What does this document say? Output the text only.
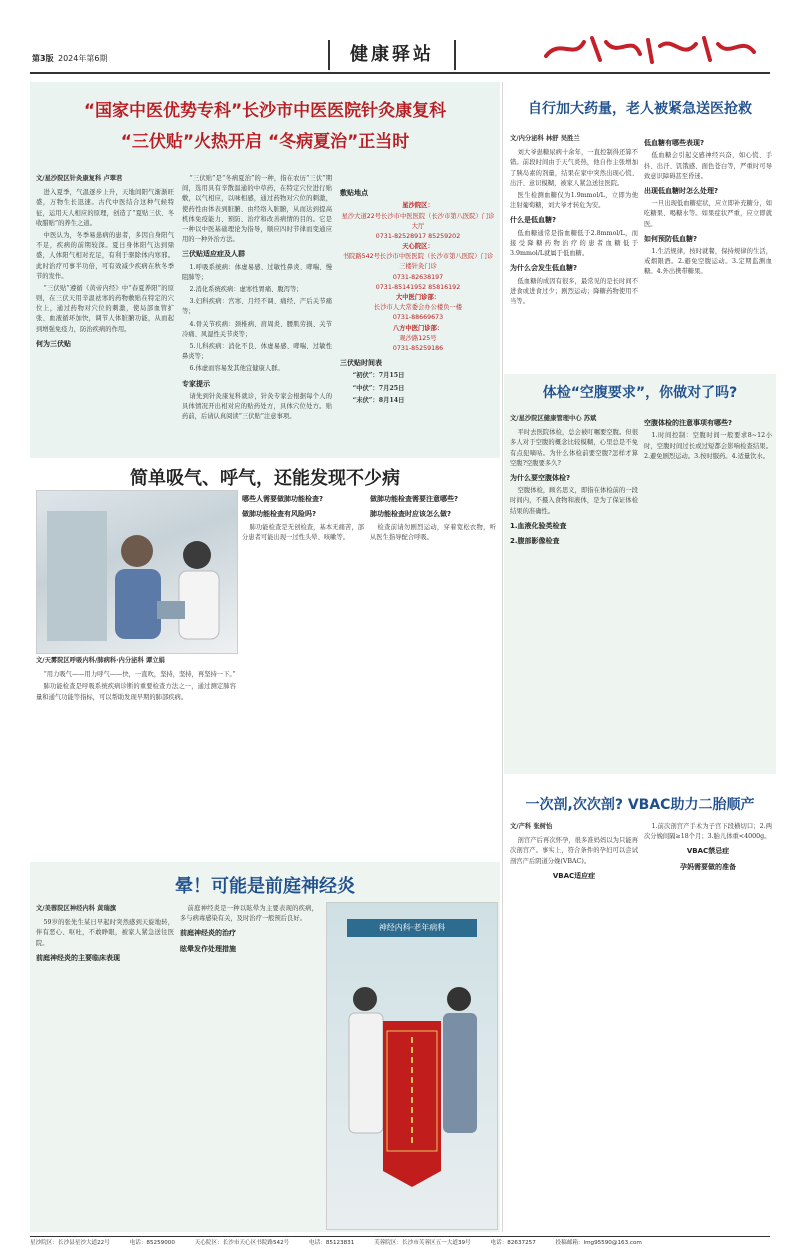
第3版 2024年第6期	健康驿站
“国家中医优势专科”长沙市中医医院针灸康复科
“三伏贴”火热开启 “冬病夏治”正当时

文/星沙院区针灸康复科 卢翠君

进入夏季，气温逐步上升，天地间阳气渐渐旺盛，万物生长迅速。古代中医结合这种气候特征，运用天人相应的原理，创造了“夏贴三伏、冬收腊贴”的养生之道。

中医认为，冬季易患病的患者，多因自身阳气不足，疾病的前期较深。夏日身体阳气达到鼎盛，人体阳气相对充足，有利于驱除体内寒邪。此时治疗可事半功倍，可有效减少疾病在秋冬季节的发作。

“三伏贴”遵循《黄帝内经》中“春夏养阳”的原则，在三伏天用辛温祛寒的药物敷贴在特定的穴位上，通过药物对穴位的刺激，使局部血管扩张、血液循环加快，调节人体脏腑功能，从而起到增强免疫力，防治疾病的作用。

何为三伏贴

“三伏贴”是“冬病夏治”的一种，指在农历“三伏”期间，选用具有辛散温通的中草药，在特定穴位进行贴敷，以气相应，以味相感，通过药物对穴位的刺激，使药性由体表到脏腑、由经络入脏腑，从而达到提高机体免疫能力、预防、治疗和改善病情的目的。它是一种以中医基础理论为指导，顺应四时节律而变通应用的一种外治方法。

三伏贴适应症及人群

1.呼吸系统病：体虚易感、过敏性鼻炎、哮喘、慢阻肺等；

2.消化系统疾病：虚寒性胃痛、腹泻等；

3.妇科疾病：宫寒、月经不调、痛经、产后关节痛等；

4.骨关节疾病：颈椎病、肩周炎、腰肌劳损、关节冷痛、风湿性关节炎等；

5.儿科疾病：消化不良、体虚易感、哮喘、过敏性鼻炎等；

6.体虚而容易发其他宜健康人群。

专家提示

请先到针灸康复科就诊，针灸专家会根据每个人的具体情况开出相对应的贴药处方，具体穴位处方。贴药前，后请认真阅读“三伏贴”注意事项。

敷贴地点

星沙院区：

星沙大道22号长沙市中医医院（长沙市第八医院）门诊大厅

0731-82528917 85259202

天心院区：

书院路542号长沙市中医医院（长沙市第八医院）门诊三楼针灸门诊

0731-82638197

0731-85141952 85816192

大中医门诊部：

长沙市人大常委会办公楼负一楼

0731-88669673

八方中医门诊部：

观沙路125号

0731-85259186

三伏贴时间表

“初伏”：7月15日

“中伏”：7月25日

“末伏”：8月14日

自行加大药量，老人被紧急送医抢救

文/内分泌科 林舒 吴胜兰

刘大爷患糖尿病十余年，一直控制得还算不错。前段时间由于天气炎热，他自作主张增加了胰岛素的剂量，结果在家中突然出现心慌、出汗、意识模糊，被家人紧急送往医院。

医生检测血糖仅为1.9mmol/L，立即为他注射葡萄糖，刘大爷才转危为安。

什么是低血糖?

低血糖通常是指血糖低于2.8mmol/L，而接受降糖药物治疗的患者血糖低于3.9mmol/L就属于低血糖。

为什么会发生低血糖?

低血糖的成因有很多，最常见的是长时间不进食或进食过少；剧烈运动；降糖药物使用不当等。

低血糖有哪些表现?

低血糖会引起交感神经兴奋，如心慌、手抖、出汗、饥饿感、面色苍白等，严重时可导致意识障碍甚至昏迷。

出现低血糖时怎么处理?

一旦出现低血糖症状，应立即补充糖分，如吃糖果、喝糖水等。如果症状严重，应立即就医。

如何预防低血糖?

1.生活规律，按时就餐，保持规律的生活，戒烟限酒。2.避免空腹运动。3.定期监测血糖。4.外出携带糖果。

体检“空腹要求”，你做对了吗?

文/星沙院区健康管理中心 苏斌

平时去医院体检，总会被叮嘱要空腹。但很多人对于空腹的概念比较模糊，心里总是不免有点犯嘀咕。为什么体检前要空腹?怎样才算空腹?空腹要多久?

为什么要空腹体检?

空腹体检，顾名思义，即指在体检前的一段时间内，不摄入食物和液体，是为了保证体检结果的准确性。

1.血液化验类检查

2.腹部影像检查

空腹体检的注意事项有哪些?

1.时间控制：空腹时间一般要求8~12小时，空腹时间过长或过短都会影响检查结果。2.避免剧烈运动。3.按时服药。4.适量饮水。

简单吸气、呼气，还能发现不少病

文/天雾院区呼吸内科/肺病科·内分泌科 谭立娟

“用力吸气——用力呼气——快，一直吹，坚持，坚持，再坚持一下。”

肺功能检查是呼吸系统疾病诊断的重要检查方法之一，通过测定肺容量和通气功能等指标，可以帮助发现早期的肺部疾病。

哪些人需要做肺功能检查?

做肺功能检查有风险吗?

肺功能检查是无创检查，基本无痛苦，部分患者可能出现一过性头晕、咳嗽等。

做肺功能检查需要注意哪些?

肺功能检查时应该怎么做?

检查前请勿剧烈运动，穿着宽松衣物，听从医生指导配合呼吸。

晕！可能是前庭神经炎

文/美蓉院区神经内科 黄瑞旗

59岁的张先生某日早起时突然感到天旋地转，伴有恶心、呕吐，不敢睁眼，被家人紧急送往医院。

前庭神经炎的主要临床表现

前庭神经炎是一种以眩晕为主要表现的疾病，多与病毒感染有关，及时治疗一般预后良好。

前庭神经炎的治疗

眩晕发作处理措施

神经内科·老年病科
一次剖,次次剖? VBAC助力二胎顺产

文/产科 张树怡

剖宫产后再次怀孕，很多准妈妈以为只能再次剖宫产。事实上，符合条件的孕妇可以尝试剖宫产后阴道分娩(VBAC)。

VBAC适应症

1.前次剖宫产手术为子宫下段横切口；2.两次分娩间隔≥18个月；3.胎儿体重<4000g。

VBAC禁忌症

孕妈需要做的准备

星沙院区：长沙县星沙大道22号	电话：85259000	天心院区：长沙市天心区书院路542号	电话：85123831	芙蓉院区：长沙市芙蓉区五一大道39号	电话：82637257	投稿邮箱：lmg95590@163.com
